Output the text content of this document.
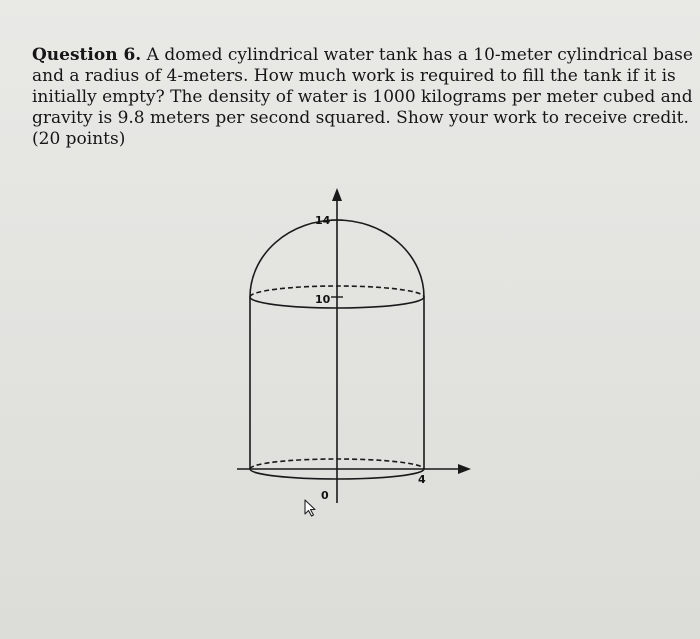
Question 6. A domed cylindrical water tank has a 10-meter cylindrical base
and a radius of 4-meters. How much work is required to fill the tank if it is
initially empty? The density of water is 1000 kilograms per meter cubed and
gravity is 9.8 meters per second squared. Show your work to receive credit.
(20 points)

14
10
0
4
